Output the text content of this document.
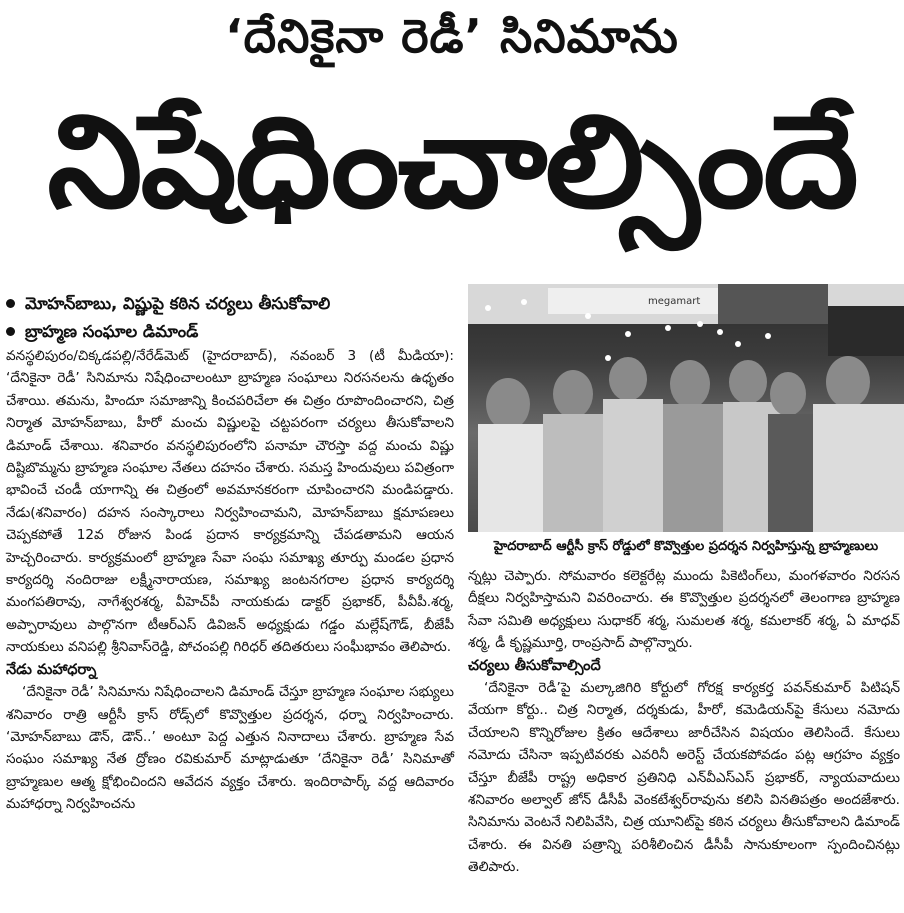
‘దేనికైనా రెడీ’ సినిమాను
నిషేధించాల్సిందే
మోహన్‌బాబు, విష్ణుపై కఠిన చర్యలు తీసుకోవాలి
బ్రాహ్మణ సంఘాల డిమాండ్

వనస్థలిపురం/చిక్కడపల్లి/నేరేడ్‌మెట్ (హైదరాబాద్), నవంబర్ 3 (టీ మీడియా): ‘దేనికైనా రెడీ’ సినిమాను నిషేధించాలంటూ బ్రాహ్మణ సంఘాలు నిరసనలను ఉధృతం చేశాయి. తమను, హిందూ సమాజాన్ని కించపరిచేలా ఈ చిత్రం రూపొందించారని, చిత్ర నిర్మాత మోహన్‌బాబు, హీరో మంచు విష్ణులపై చట్టపరంగా చర్యలు తీసుకోవాలని డిమాండ్ చేశాయి. శనివారం వనస్థలిపురంలోని పనామా చౌరస్తా వద్ద మంచు విష్ణు దిష్టిబొమ్మను బ్రాహ్మణ సంఘాల నేతలు దహనం చేశారు. సమస్త హిందువులు పవిత్రంగా భావించే చండీ యాగాన్ని ఈ చిత్రంలో అవమానకరంగా చూపించారని మండిపడ్డారు. నేడు(శనివారం) దహన సంస్కారాలు నిర్వహించామని, మోహన్‌బాబు క్షమాపణలు చెప్పకపోతే 12వ రోజున పిండ ప్రదాన కార్యక్రమాన్ని చేపడతామని ఆయన హెచ్చరించారు. కార్యక్రమంలో బ్రాహ్మణ సేవా సంఘ సమాఖ్య తూర్పు మండల ప్రధాన కార్యదర్శి నందిరాజు లక్ష్మీనారాయణ, సమాఖ్య జంటనగరాల ప్రధాన కార్యదర్శి మంగపతిరావు, నాగేశ్వరశర్మ, వీహెచ్‌పీ నాయకుడు డాక్టర్ ప్రభాకర్, పీవీపీ.శర్మ, అప్పారావులు పాల్గొనగా టీఆర్‌ఎస్ డివిజన్ అధ్యక్షుడు గడ్డం మల్లేష్‌గౌడ్, బీజేపీ నాయకులు వనిపల్లి శ్రీనివాస్‌రెడ్డి, పోచంపల్లి గిరిధర్ తదితరులు సంఘీభావం తెలిపారు.

నేడు మహాధర్నా

‘దేనికైనా రెడీ’ సినిమాను నిషేధించాలని డిమాండ్ చేస్తూ బ్రాహ్మణ సంఘాల సభ్యులు శనివారం రాత్రి ఆర్టీసీ క్రాస్ రోడ్స్‌లో కొవ్వొత్తుల ప్రదర్శన, ధర్నా నిర్వహించారు. ‘మోహన్‌బాబు డౌన్, డౌన్..’ అంటూ పెద్ద ఎత్తున నినాదాలు చేశారు. బ్రాహ్మణ సేవ సంఘం సమాఖ్య నేత ద్రోణం రవికుమార్ మాట్లాడుతూ ‘దేనికైనా రెడీ’ సినిమాతో బ్రాహ్మణుల ఆత్మ క్షోభించిందని ఆవేదన వ్యక్తం చేశారు. ఇందిరాపార్క్ వద్ద ఆదివారం మహాధర్నా నిర్వహించను

megamart
హైదరాబాద్ ఆర్టీసీ క్రాస్ రోడ్డులో కొవ్వొత్తుల ప్రదర్శన నిర్వహిస్తున్న బ్రాహ్మణులు

న్నట్లు చెప్పారు. సోమవారం కలెక్టరేట్ల ముందు పికెటింగ్‌లు, మంగళవారం నిరసన దీక్షలు నిర్వహిస్తామని వివరించారు. ఈ కొవ్వొత్తుల ప్రదర్శనలో తెలంగాణ బ్రాహ్మణ సేవా సమితి అధ్యక్షులు సుధాకర్ శర్మ, సుమలత శర్మ, కమలాకర్ శర్మ, ఏ మాధవ్ శర్మ, డీ కృష్ణమూర్తి, రాంప్రసాద్ పాల్గొన్నారు.

చర్యలు తీసుకోవాల్సిందే

‘దేనికైనా రెడీ’పై మల్కాజిగిరి కోర్టులో గోరక్ష కార్యకర్త పవన్‌కుమార్ పిటిషన్ వేయగా కోర్టు.. చిత్ర నిర్మాత, దర్శకుడు, హీరో, కమెడియన్‌పై కేసులు నమోదు చేయాలని కొన్నిరోజుల క్రితం ఆదేశాలు జారీచేసిన విషయం తెలిసిందే. కేసులు నమోదు చేసినా ఇప్పటివరకు ఎవరినీ అరెస్ట్ చేయకపోవడం పట్ల ఆగ్రహం వ్యక్తం చేస్తూ బీజేపీ రాష్ట్ర అధికార ప్రతినిధి ఎన్‌వీఎస్‌ఎస్ ప్రభాకర్, న్యాయవాదులు శనివారం అల్వాల్ జోన్ డీసీపీ వెంకటేశ్వర్‌రావును కలిసి వినతిపత్రం అందజేశారు. సినిమాను వెంటనే నిలిపివేసి, చిత్ర యూనిట్‌పై కఠిన చర్యలు తీసుకోవాలని డిమాండ్ చేశారు. ఈ వినతి పత్రాన్ని పరిశీలించిన డీసీపీ సానుకూలంగా స్పందించినట్లు తెలిపారు.
